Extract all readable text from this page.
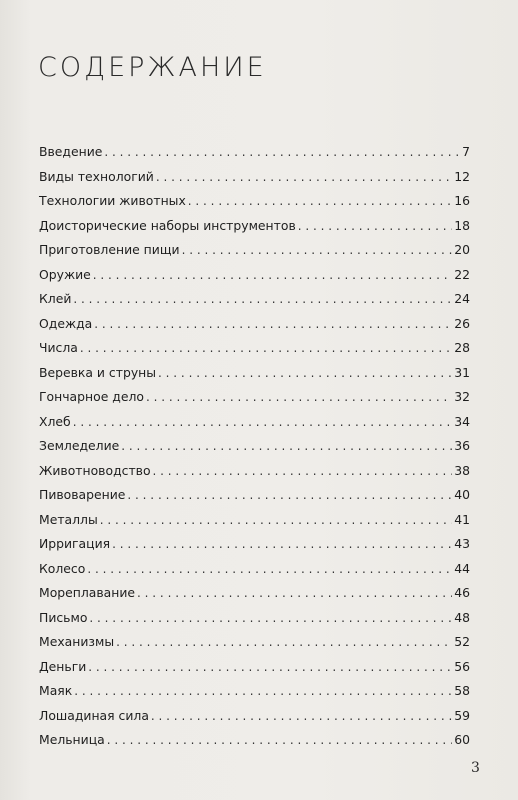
СОДЕРЖАНИЕ
Введение . . .	7
Виды технологий . . .	12
Технологии животных . . .	16
Доисторические наборы инструментов . . .	18
Приготовление пищи . . .	20
Оружие . . .	22
Клей . . .	24
Одежда . . .	26
Числа . . .	28
Веревка и струны . . .	31
Гончарное дело . . .	32
Хлеб . . .	34
Земледелие . . .	36
Животноводство . . .	38
Пивоварение . . .	40
Металлы . . .	41
Ирригация . . .	43
Колесо . . .	44
Мореплавание . . .	46
Письмо . . .	48
Механизмы . . .	52
Деньги . . .	56
Маяк . . .	58
Лошадиная сила . . .	59
Мельница . . .	60
3
